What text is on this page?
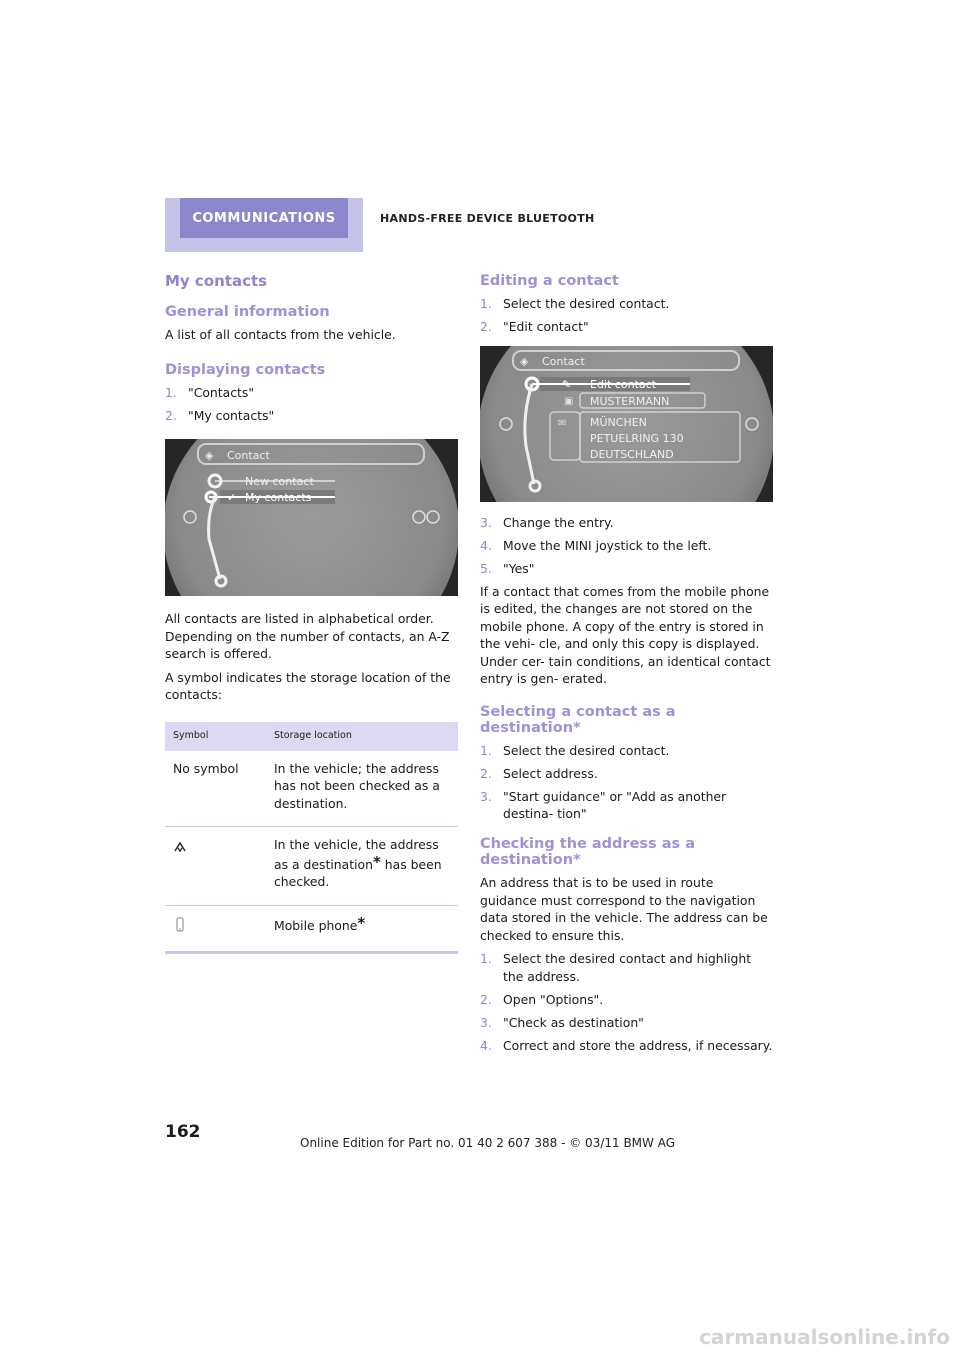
COMMUNICATIONS	HANDS-FREE DEVICE BLUETOOTH
My contacts
General information

A list of all contacts from the vehicle.

Displaying contacts
1. "Contacts"
2. "My contacts"
◈ Contact
New contact
✓ My contacts

All contacts are listed in alphabetical order. Depending on the number of contacts, an A-Z search is offered.

A symbol indicates the storage location of the contacts:

Symbol	Storage location
No symbol	In the vehicle; the address has not been checked as a destination.
	In the vehicle, the address as a destination* has been checked.
	Mobile phone*
Editing a contact
1. Select the desired contact.
2. "Edit contact"
◈ Contact
✎ Edit contact
▣ MUSTERMANN
✉ MÜNCHEN
PETUELRING 130
DEUTSCHLAND
3. Change the entry.
4. Move the MINI joystick to the left.
5. "Yes"

If a contact that comes from the mobile phone is edited, the changes are not stored on the mobile phone. A copy of the entry is stored in the vehi- cle, and only this copy is displayed. Under cer- tain conditions, an identical contact entry is gen- erated.

Selecting a contact as a destination*
1. Select the desired contact.
2. Select address.
3. "Start guidance" or "Add as another destina- tion"
Checking the address as a destination*

An address that is to be used in route guidance must correspond to the navigation data stored in the vehicle. The address can be checked to ensure this.

1. Select the desired contact and highlight the address.
2. Open "Options".
3. "Check as destination"
4. Correct and store the address, if necessary.
162
Online Edition for Part no. 01 40 2 607 388 - © 03/11 BMW AG
carmanualsonline.info
